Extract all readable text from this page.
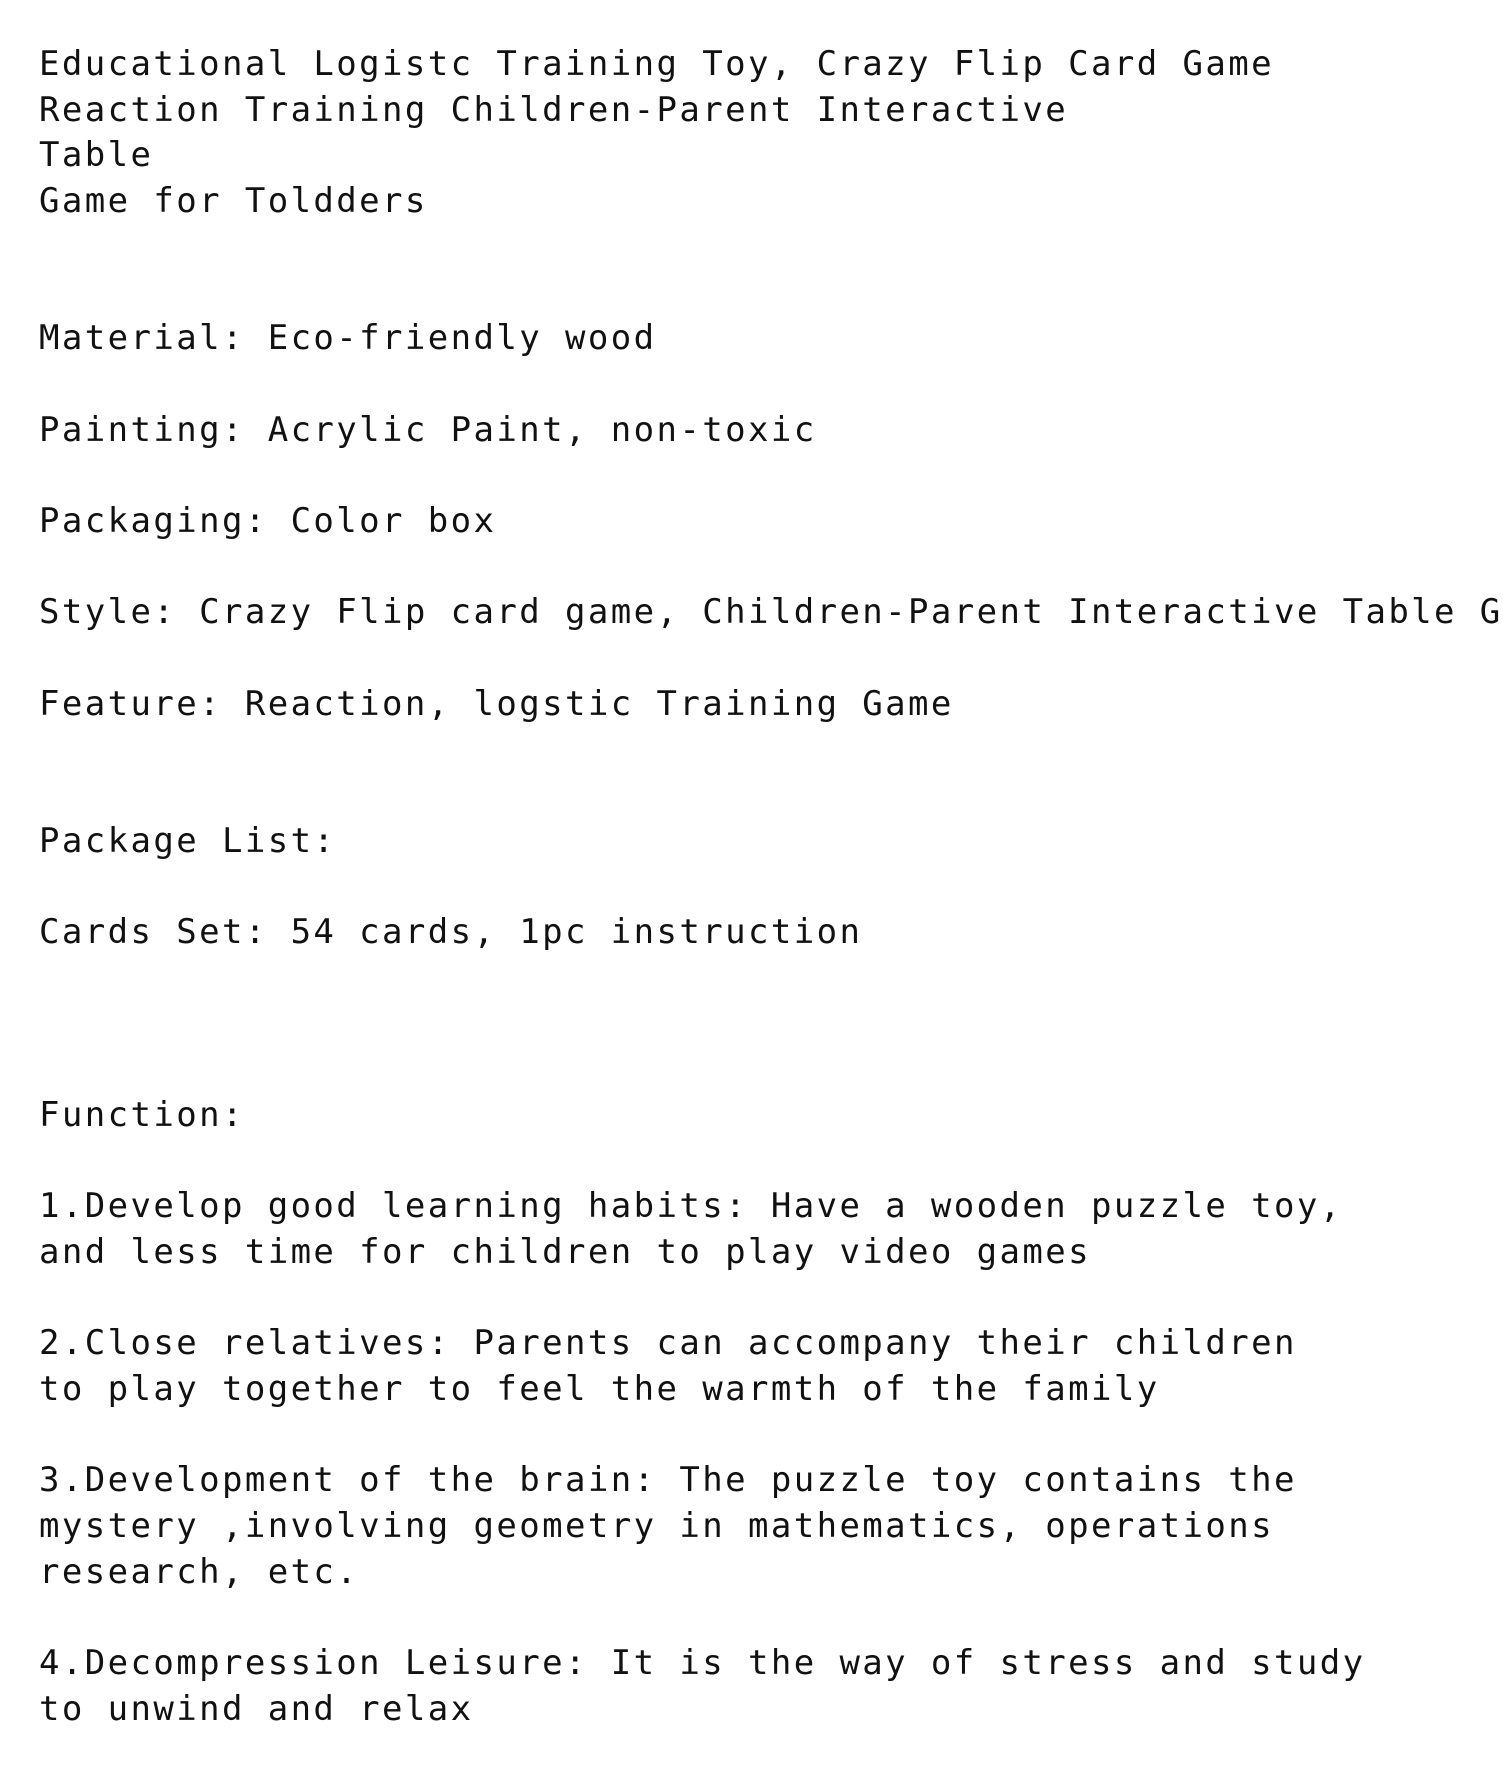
Educational Logistc Training Toy, Crazy Flip Card Game
Reaction Training Children-Parent Interactive
Table
Game for Toldders
Material: Eco-friendly wood
Painting: Acrylic Paint, non-toxic
Packaging: Color box
Style: Crazy Flip card game, Children-Parent Interactive Table G
Feature: Reaction, logstic Training Game
Package List:
Cards Set: 54 cards, 1pc instruction
Function:
1.Develop good learning habits: Have a wooden puzzle toy,
and less time for children to play video games
2.Close relatives: Parents can accompany their children
to play together to feel the warmth of the family
3.Development of the brain: The puzzle toy contains the
mystery ,involving geometry in mathematics, operations
research, etc.
4.Decompression Leisure: It is the way of stress and study
to unwind and relax
